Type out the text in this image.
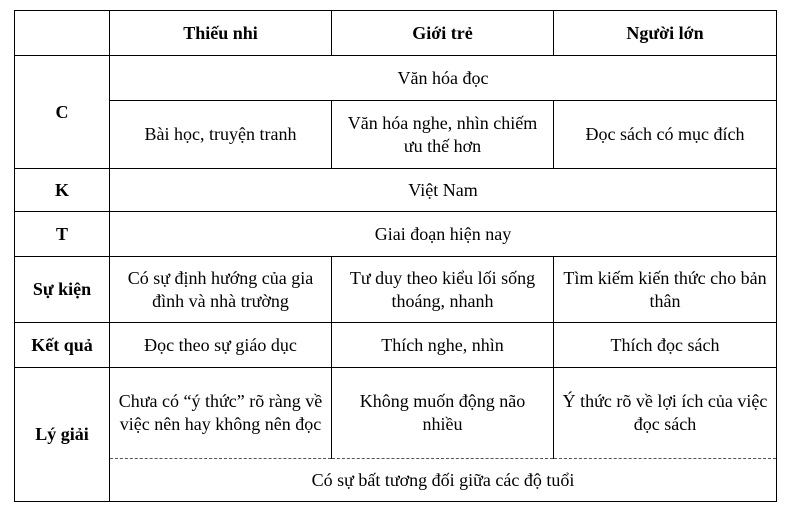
	Thiếu nhi	Giới trẻ	Người lớn
C	Văn hóa đọc		
	Bài học, truyện tranh	Văn hóa nghe, nhìn chiếm ưu thế hơn	Đọc sách có mục đích
K	Việt Nam		
T	Giai đoạn hiện nay		
Sự kiện	Có sự định hướng của gia đình và nhà trường	Tư duy theo kiểu lối sống thoáng, nhanh	Tìm kiếm kiến thức cho bản thân
Kết quả	Đọc theo sự giáo dục	Thích nghe, nhìn	Thích đọc sách
Lý giải	Chưa có “ý thức” rõ ràng về việc nên hay không nên đọc	Không muốn động não nhiều	Ý thức rõ về lợi ích của việc đọc sách
	Có sự bất tương đối giữa các độ tuổi		
